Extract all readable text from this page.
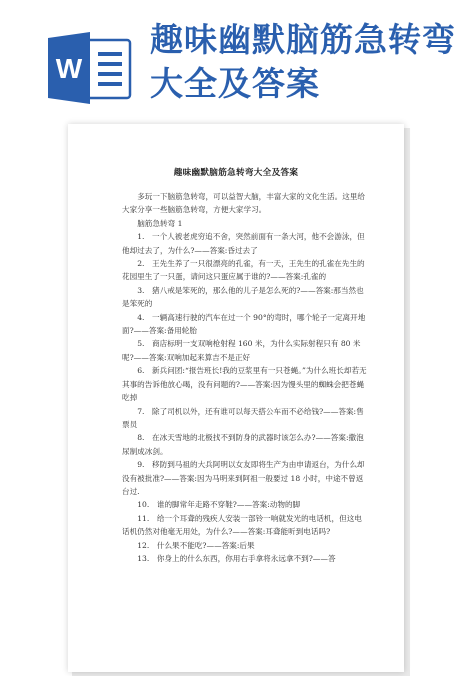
W
趣味幽默脑筋急转弯大全及答案
趣味幽默脑筋急转弯大全及答案

多玩一下脑筋急转弯，可以益智大脑，丰富大家的文化生活。这里给大家分享一些脑筋急转弯，方便大家学习。

脑筋急转弯 1

1.　一个人被老虎穷追不舍，突然前面有一条大河，他不会游泳，但他却过去了，为什么?——答案:昏过去了

2.　王先生养了一只很漂亮的孔雀，有一天，王先生的孔雀在先生的花园里生了一只蛋，请问这只蛋应属于谁的?——答案:孔雀的

3.　猪八戒是笨死的，那么他的儿子是怎么死的?——答案:那当然也是笨死的

4.　一辆高速行驶的汽车在过一个 90°的弯时，哪个轮子一定离开地面?——答案:备用轮胎

5.　商店标明一支双响枪射程 160 米，为什么实际射程只有 80 米呢?——答案:双响加起来算吉不是正好

6.　新兵问团:“报告班长!我的豆浆里有一只苍蝇。”为什么班长却若无其事的告诉他放心喝，没有问题的?——答案:因为馒头里的蜘蛛会把苍蝇吃掉

7.　除了司机以外，还有谁可以每天搭公车而不必给钱?——答案:售票员

8.　在冰天雪地的北极找不到防身的武器时该怎么办?——答案:撒泡尿制成冰剑。

9.　移防到马祖的大兵阿明以女友即将生产为由申请返台，为什么却没有被批准?——答案:因为马明来到阿祖一般要过 18 小时，中途不曾返台过.

10.　谁的脚常年走路不穿鞋?——答案:动物的脚

11.　给一个耳聋的残疾人安装一部铃一响就发光的电话机，但这电话机仍然对他毫无用处，为什么?——答案:耳聋能听到电话吗?

12.　什么果不能吃?——答案:后果

13.　你身上的什么东西，你用右手拿将永远拿不到?——答
